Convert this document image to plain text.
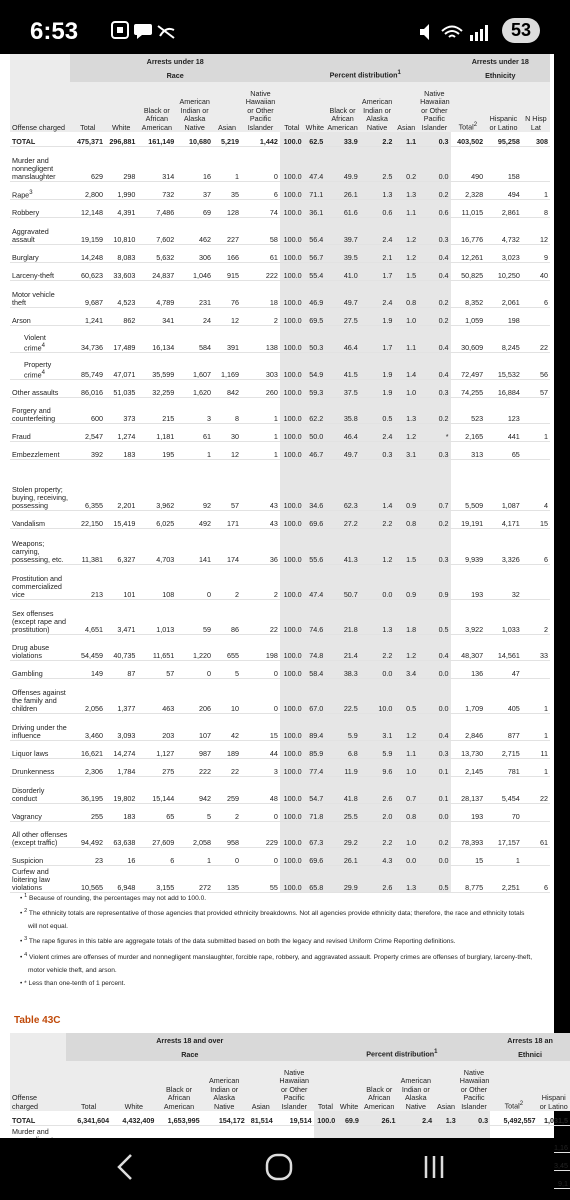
6:53	53
	Arrests under 18												Arrests under 18		
	Race						Percent distribution$^1$						Ethnicity		
Offense charged	Total	White	Black or African American	American Indian or Alaska Native	Asian	Native Hawaiian or Other Pacific Islander	Total	White	Black or African American	American Indian or Alaska Native	Asian	Native Hawaiian or Other Pacific Islander	Total$^2$	Hispanic or Latino	N Hisp Lat
TOTAL	475,371	296,881	161,149	10,680	5,219	1,442	100.0	62.5	33.9	2.2	1.1	0.3	403,502	95,258	308
Murder and nonnegligent manslaughter	629	298	314	16	1	0	100.0	47.4	49.9	2.5	0.2	0.0	490	158	
Rape$^3$	2,800	1,990	732	37	35	6	100.0	71.1	26.1	1.3	1.3	0.2	2,328	494	1
Robbery	12,148	4,391	7,486	69	128	74	100.0	36.1	61.6	0.6	1.1	0.6	11,015	2,861	8
Aggravated assault	19,159	10,810	7,602	462	227	58	100.0	56.4	39.7	2.4	1.2	0.3	16,776	4,732	12
Burglary	14,248	8,083	5,632	306	166	61	100.0	56.7	39.5	2.1	1.2	0.4	12,261	3,023	9
Larceny-theft	60,623	33,603	24,837	1,046	915	222	100.0	55.4	41.0	1.7	1.5	0.4	50,825	10,250	40
Motor vehicle theft	9,687	4,523	4,789	231	76	18	100.0	46.9	49.7	2.4	0.8	0.2	8,352	2,061	6
Arson	1,241	862	341	24	12	2	100.0	69.5	27.5	1.9	1.0	0.2	1,059	198	
Violent crime$^4$	34,736	17,489	16,134	584	391	138	100.0	50.3	46.4	1.7	1.1	0.4	30,609	8,245	22
Property crime$^4$	85,749	47,071	35,599	1,607	1,169	303	100.0	54.9	41.5	1.9	1.4	0.4	72,497	15,532	56
Other assaults	86,016	51,035	32,259	1,620	842	260	100.0	59.3	37.5	1.9	1.0	0.3	74,255	16,884	57
Forgery and counterfeiting	600	373	215	3	8	1	100.0	62.2	35.8	0.5	1.3	0.2	523	123	
Fraud	2,547	1,274	1,181	61	30	1	100.0	50.0	46.4	2.4	1.2	*	2,165	441	1
Embezzlement	392	183	195	1	12	1	100.0	46.7	49.7	0.3	3.1	0.3	313	65	
Stolen property; buying, receiving, possessing	6,355	2,201	3,962	92	57	43	100.0	34.6	62.3	1.4	0.9	0.7	5,509	1,087	4
Vandalism	22,150	15,419	6,025	492	171	43	100.0	69.6	27.2	2.2	0.8	0.2	19,191	4,171	15
Weapons; carrying, possessing, etc.	11,381	6,327	4,703	141	174	36	100.0	55.6	41.3	1.2	1.5	0.3	9,939	3,326	6
Prostitution and commercialized vice	213	101	108	0	2	2	100.0	47.4	50.7	0.0	0.9	0.9	193	32	
Sex offenses (except rape and prostitution)	4,651	3,471	1,013	59	86	22	100.0	74.6	21.8	1.3	1.8	0.5	3,922	1,033	2
Drug abuse violations	54,459	40,735	11,651	1,220	655	198	100.0	74.8	21.4	2.2	1.2	0.4	48,307	14,561	33
Gambling	149	87	57	0	5	0	100.0	58.4	38.3	0.0	3.4	0.0	136	47	
Offenses against the family and children	2,056	1,377	463	206	10	0	100.0	67.0	22.5	10.0	0.5	0.0	1,709	405	1
Driving under the influence	3,460	3,093	203	107	42	15	100.0	89.4	5.9	3.1	1.2	0.4	2,846	877	1
Liquor laws	16,621	14,274	1,127	987	189	44	100.0	85.9	6.8	5.9	1.1	0.3	13,730	2,715	11
Drunkenness	2,306	1,784	275	222	22	3	100.0	77.4	11.9	9.6	1.0	0.1	2,145	781	1
Disorderly conduct	36,195	19,802	15,144	942	259	48	100.0	54.7	41.8	2.6	0.7	0.1	28,137	5,454	22
Vagrancy	255	183	65	5	2	0	100.0	71.8	25.5	2.0	0.8	0.0	193	70	
All other offenses (except traffic)	94,492	63,638	27,609	2,058	958	229	100.0	67.3	29.2	2.2	1.0	0.2	78,393	17,157	61
Suspicion	23	16	6	1	0	0	100.0	69.6	26.1	4.3	0.0	0.0	15	1	
Curfew and loitering law violations	10,565	6,948	3,155	272	135	55	100.0	65.8	29.9	2.6	1.3	0.5	8,775	2,251	6
• $^1$ Because of rounding, the percentages may not add to 100.0.
• $^2$ The ethnicity totals are representative of those agencies that provided ethnicity breakdowns. Not all agencies provide ethnicity data; therefore, the race and ethnicity totals will not equal.
• $^3$ The rape figures in this table are aggregate totals of the data submitted based on both the legacy and revised Uniform Crime Reporting definitions.
• $^4$ Violent crimes are offenses of murder and nonnegligent manslaughter, forcible rape, robbery, and aggravated assault. Property crimes are offenses of burglary, larceny-theft, motor vehicle theft, and arson.
• * Less than one-tenth of 1 percent.
Table 43C
	Arrests 18 and over												Arrests 18 an	
	Race						Percent distribution$^1$						Ethnici	
Offense charged	Total	White	Black or African American	American Indian or Alaska Native	Asian	Native Hawaiian or Other Pacific Islander	Total	White	Black or African American	American Indian or Alaska Native	Asian	Native Hawaiian or Other Pacific Islander	Total$^2$	Hispani or Latino
TOTAL	6,341,604	4,432,409	1,653,995	154,172	81,514	19,514	100.0	69.9	26.1	2.4	1.3	0.3	5,492,557	1,031,5
Murder and														1,16
														3,45
														9,1
